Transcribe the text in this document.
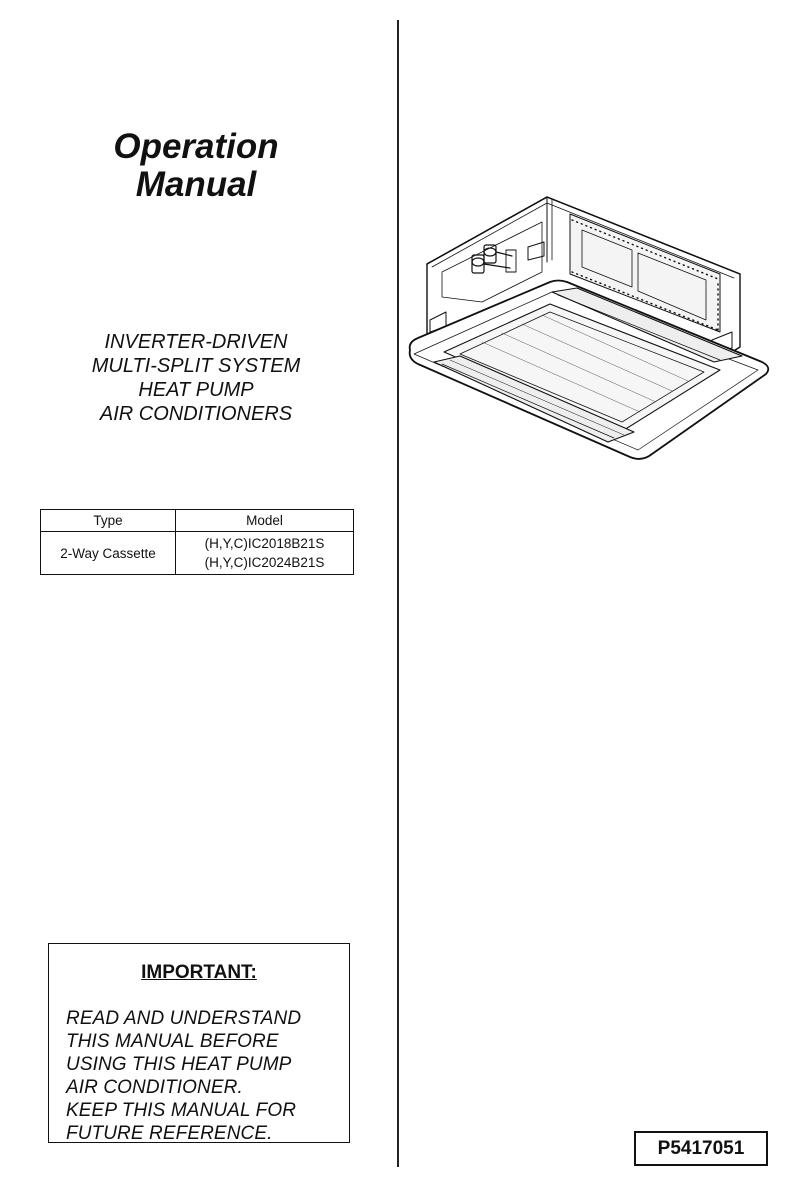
Operation
Manual
INVERTER-DRIVEN
MULTI-SPLIT SYSTEM
HEAT PUMP
AIR CONDITIONERS
Type	Model
2-Way Cassette	(H,Y,C)IC2018B21S
(H,Y,C)IC2024B21S
IMPORTANT:
READ AND UNDERSTAND
THIS MANUAL BEFORE
USING THIS HEAT PUMP
AIR CONDITIONER.
KEEP THIS MANUAL FOR
FUTURE REFERENCE.
P5417051
